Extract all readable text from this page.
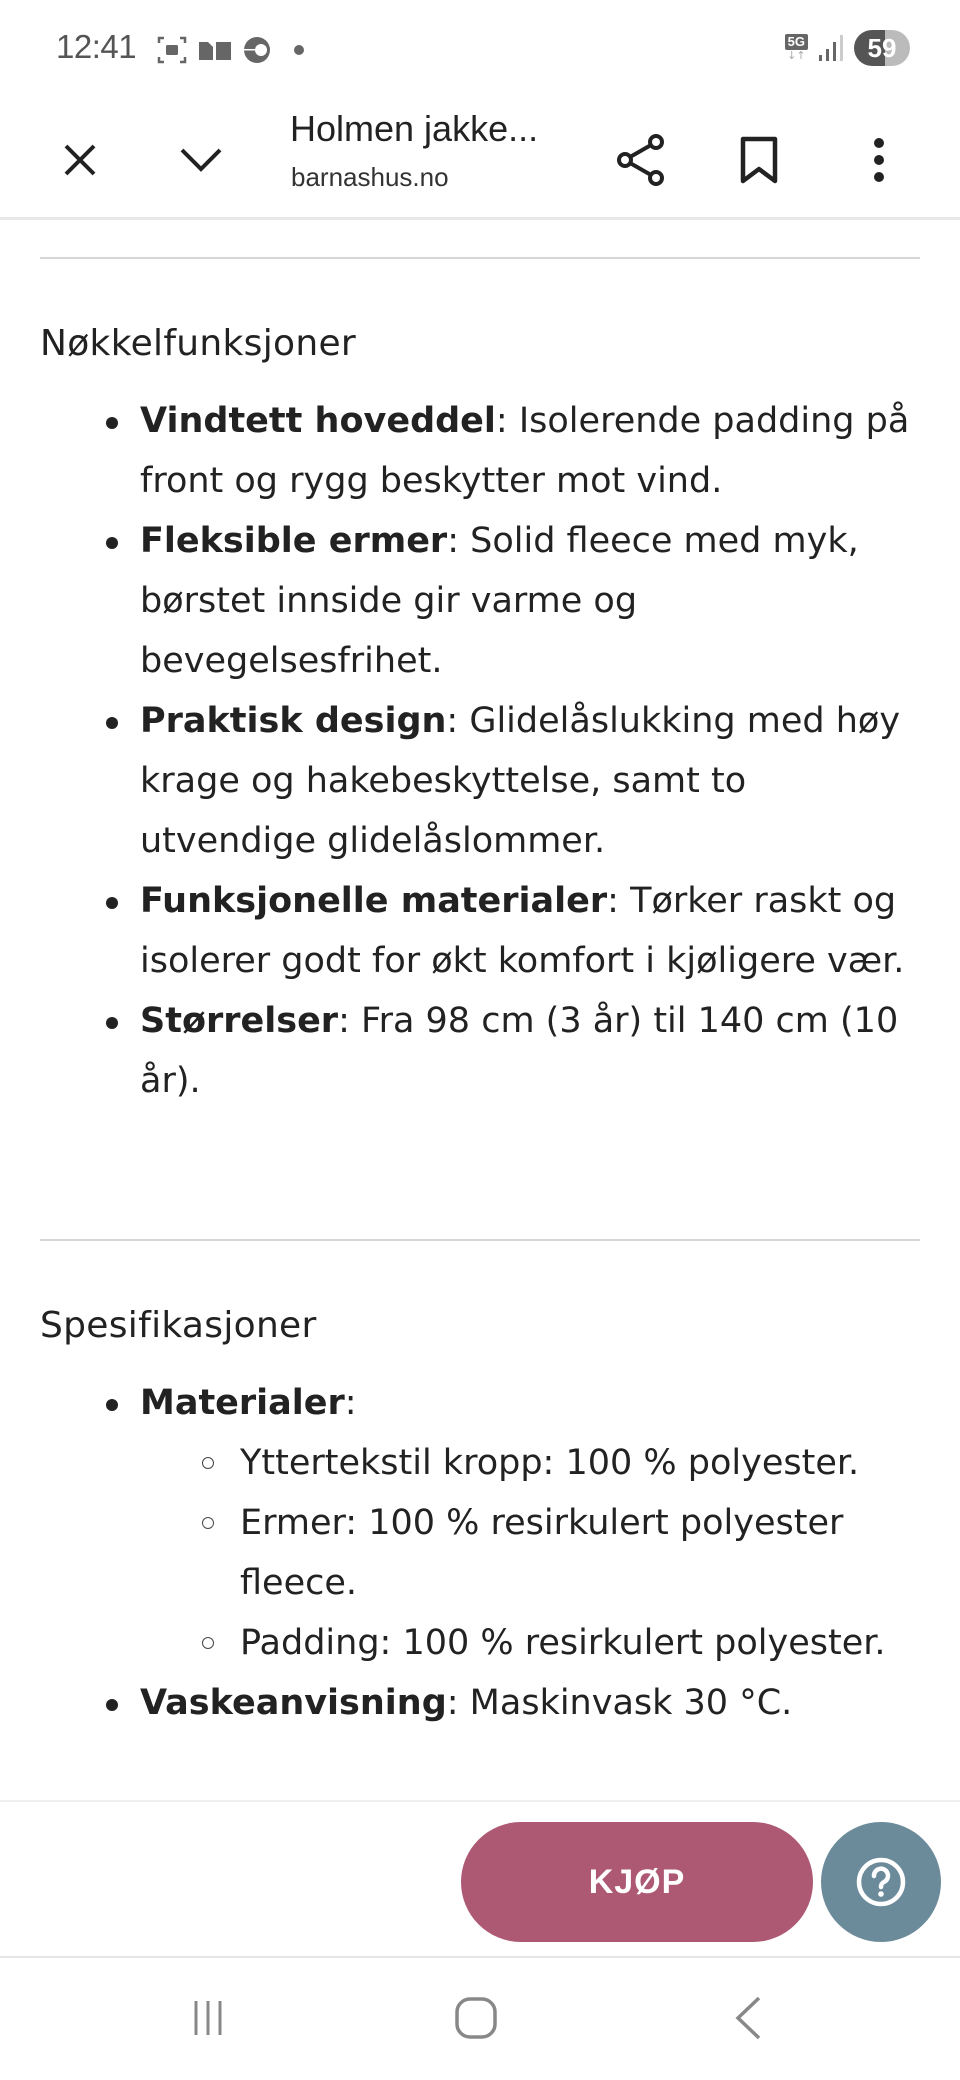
12:41	5G
↓↑	59
Holmen jakke...
barnashus.no
Nøkkelfunksjoner
Vindtett hoveddel: Isolerende padding på front og rygg beskytter mot vind.
Fleksible ermer: Solid fleece med myk, børstet innside gir varme og bevegelsesfrihet.
Praktisk design: Glidelåslukking med høy krage og hakebeskyttelse, samt to utvendige glidelåslommer.
Funksjonelle materialer: Tørker raskt og isolerer godt for økt komfort i kjøligere vær.
Størrelser: Fra 98 cm (3 år) til 140 cm (10 år).
Spesifikasjoner
Materialer:
Yttertekstil kropp: 100 % polyester.
Ermer: 100 % resirkulert polyester fleece.
Padding: 100 % resirkulert polyester.
Vaskeanvisning: Maskinvask 30 °C.
KJØP
